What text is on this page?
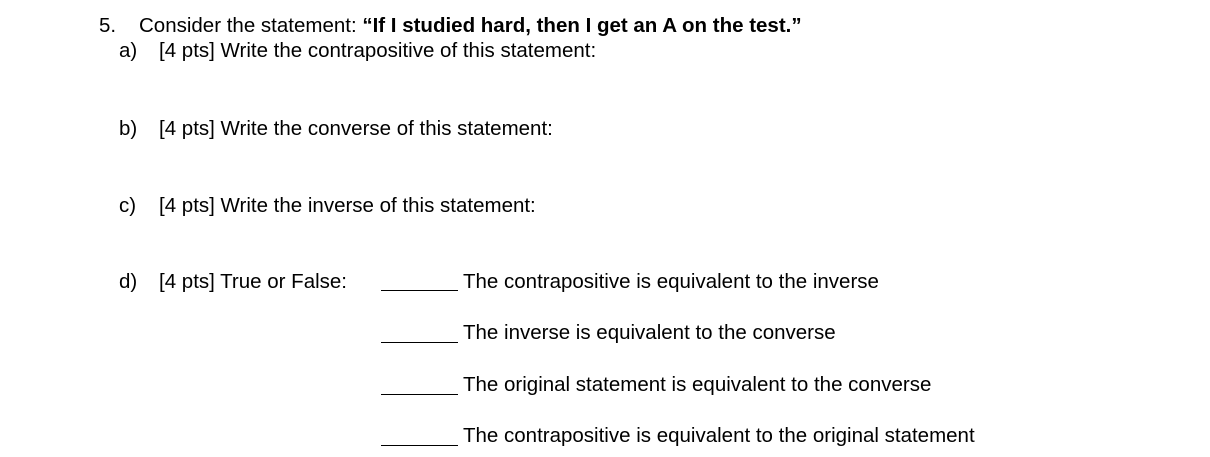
5. Consider the statement: “If I studied hard, then I get an A on the test.”
a) [4 pts] Write the contrapositive of this statement:
b) [4 pts] Write the converse of this statement:
c) [4 pts] Write the inverse of this statement:
d) [4 pts] True or False:	The contrapositive is equivalent to the inverse
The inverse is equivalent to the converse
The original statement is equivalent to the converse
The contrapositive is equivalent to the original statement
